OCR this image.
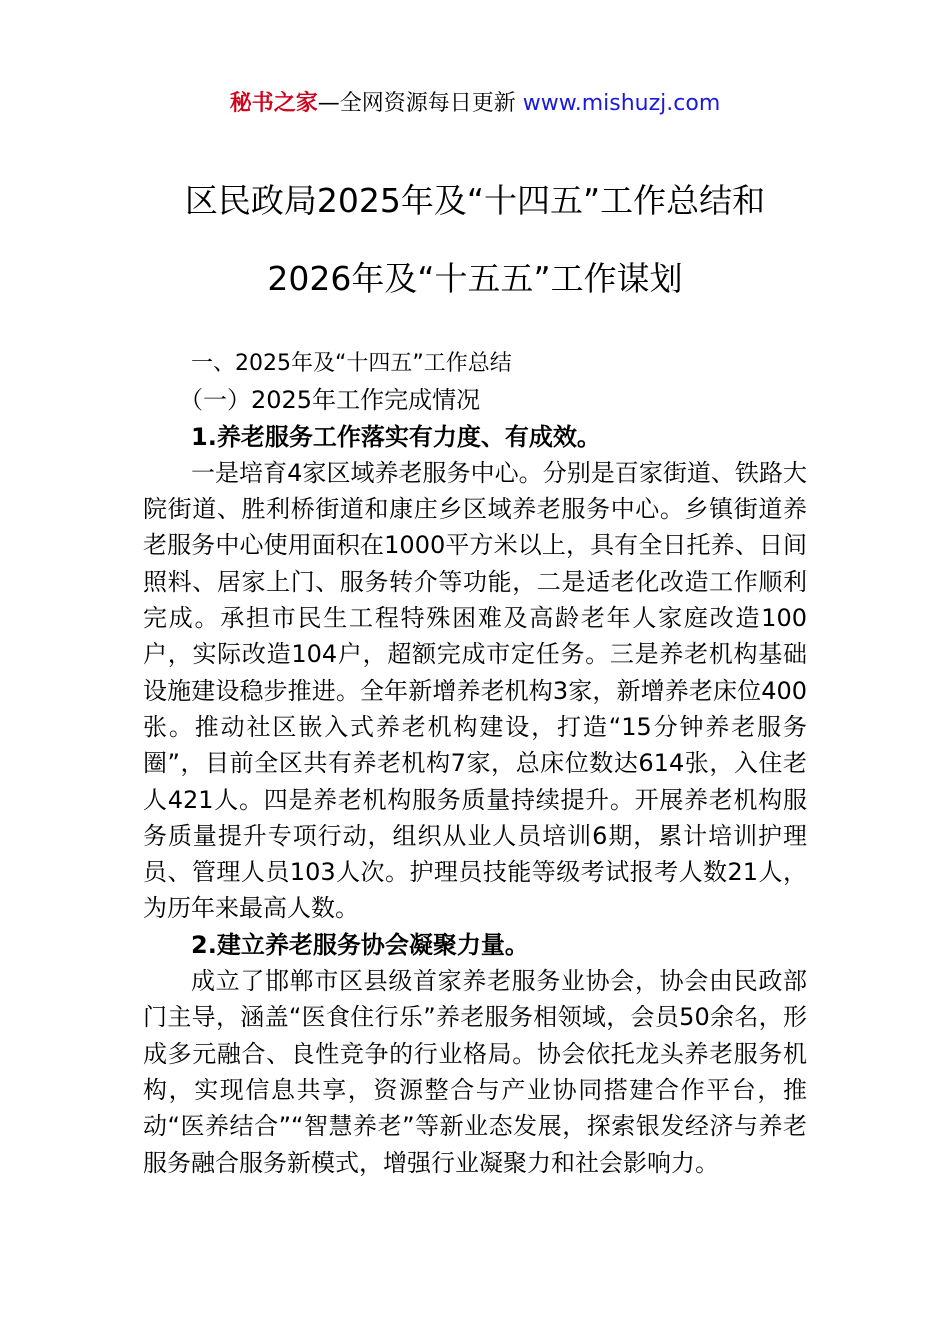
秘书之家—全网资源每日更新 www.mishuzj.com
区民政局2025年及“十四五”工作总结和
2026年及“十五五”工作谋划

一、2025年及“十四五”工作总结

（一）2025年工作完成情况

1.养老服务工作落实有力度、有成效。

一是培育4家区域养老服务中心。分别是百家街道、铁路大院街道、胜利桥街道和康庄乡区域养老服务中心。乡镇街道养老服务中心使用面积在1000平方米以上，具有全日托养、日间照料、居家上门、服务转介等功能，二是适老化改造工作顺利完成。承担市民生工程特殊困难及高龄老年人家庭改造100户，实际改造104户，超额完成市定任务。三是养老机构基础设施建设稳步推进。全年新增养老机构3家，新增养老床位400张。推动社区嵌入式养老机构建设，打造“15分钟养老服务圈”，目前全区共有养老机构7家，总床位数达614张，入住老人421人。四是养老机构服务质量持续提升。开展养老机构服务质量提升专项行动，组织从业人员培训6期，累计培训护理员、管理人员103人次。护理员技能等级考试报考人数21人，为历年来最高人数。

2.建立养老服务协会凝聚力量。

成立了邯郸市区县级首家养老服务业协会，协会由民政部门主导，涵盖“医食住行乐”养老服务相领域，会员50余名，形成多元融合、良性竞争的行业格局。协会依托龙头养老服务机构，实现信息共享，资源整合与产业协同搭建合作平台，推动“医养结合”“智慧养老”等新业态发展，探索银发经济与养老服务融合服务新模式，增强行业凝聚力和社会影响力。
